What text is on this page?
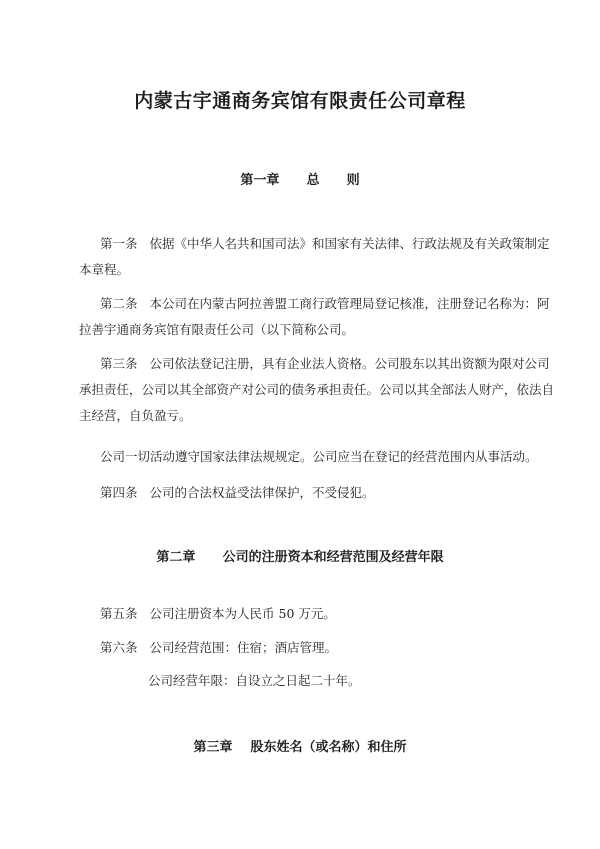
内蒙古宇通商务宾馆有限责任公司章程
第一章      总      则
第一条 依据《中华人名共和国司法》和国家有关法律、行政法规及有关政策制定
本章程。
第二条 本公司在内蒙古阿拉善盟工商行政管理局登记核准，注册登记名称为：阿
拉善宇通商务宾馆有限责任公司（以下简称公司。
第三条 公司依法登记注册，具有企业法人资格。公司股东以其出资额为限对公司
承担责任，公司以其全部资产对公司的债务承担责任。公司以其全部法人财产，依法自
主经营，自负盈亏。
公司一切活动遵守国家法律法规规定。公司应当在登记的经营范围内从事活动。
第四条 公司的合法权益受法律保护，不受侵犯。
第二章      公司的注册资本和经营范围及经营年限
第五条 公司注册资本为人民币 50 万元。
第六条 公司经营范围：住宿；酒店管理。
公司经营年限：自设立之日起二十年。
第三章    股东姓名（或名称）和住所
